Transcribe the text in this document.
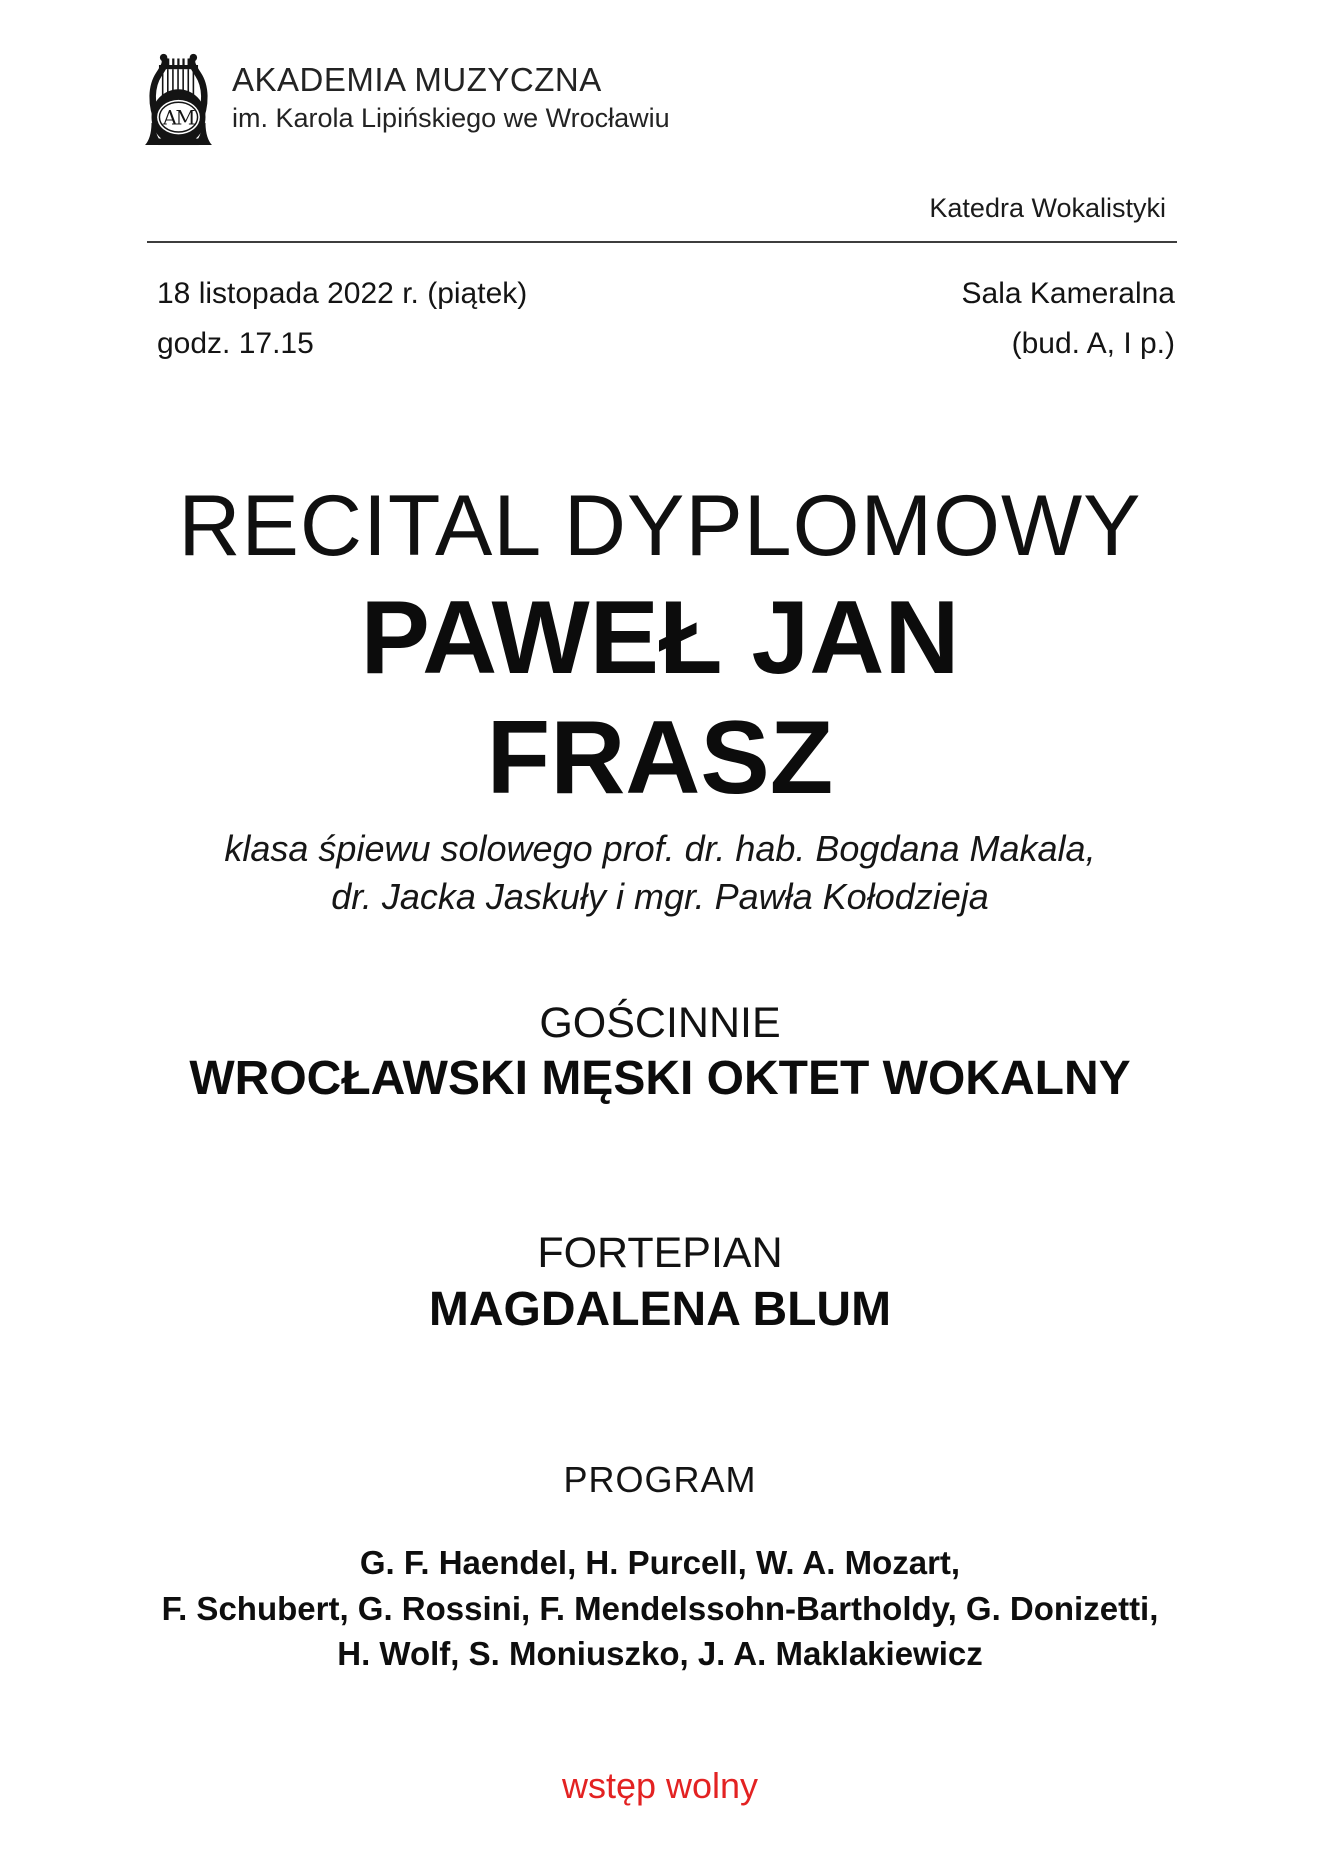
AM
AKADEMIA MUZYCZNA
im. Karola Lipińskiego we Wrocławiu
Katedra Wokalistyki
18 listopada 2022 r. (piątek)	Sala Kameralna
godz. 17.15	(bud. A, I p.)
RECITAL DYPLOMOWY
PAWEŁ JAN
FRASZ

klasa śpiewu solowego prof. dr. hab. Bogdana Makala,
dr. Jacka Jaskuły i mgr. Pawła Kołodzieja

GOŚCINNIE
WROCŁAWSKI MĘSKI OKTET WOKALNY
FORTEPIAN
MAGDALENA BLUM
PROGRAM
G. F. Haendel, H. Purcell, W. A. Mozart,
F. Schubert, G. Rossini, F. Mendelssohn-Bartholdy, G. Donizetti,
H. Wolf, S. Moniuszko, J. A. Maklakiewicz
wstęp wolny
